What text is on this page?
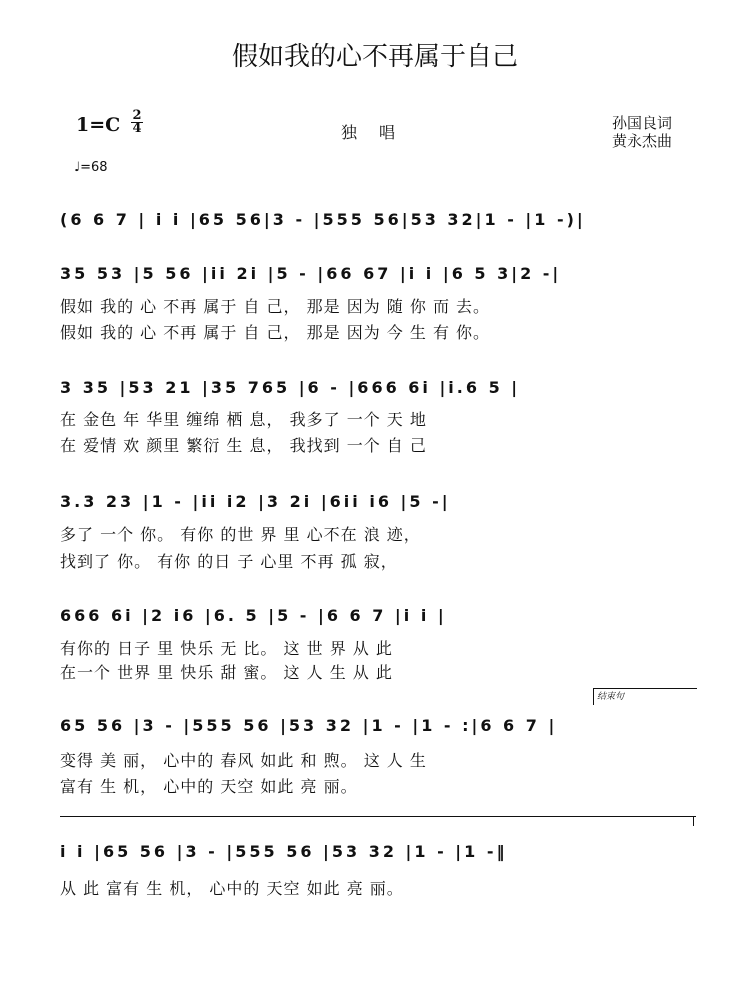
假如我的心不再属于自己
1=C 2
4	独唱	孙国良词
黄永杰曲
♩=68
(6 6 7 | i i |65 56|3 - |555 56|53 32|1 - |1 -)|
35 53 |5 56 |ii 2i |5 - |66 67 |i i |6 5 3|2 -|
假如 我的 心 不再 属于 自 己， 那是 因为 随 你 而 去。
假如 我的 心 不再 属于 自 己， 那是 因为 今 生 有 你。
3 35 |53 21 |35 765 |6 - |666 6i |i.6 5 |
在 金色 年 华里 缠绵 栖 息， 我多了 一个 天 地
在 爱情 欢 颜里 繁衍 生 息， 我找到 一个 自 己
3.3 23 |1 - |ii i2 |3 2i |6ii i6 |5 -|
多了 一个 你。 有你 的世 界 里 心不在 浪 迹，
找到了 你。 有你 的日 子 心里 不再 孤 寂，
666 6i |2 i6 |6. 5 |5 - |6 6 7 |i i |
有你的 日子 里 快乐 无 比。 这 世 界 从 此
在一个 世界 里 快乐 甜 蜜。 这 人 生 从 此
结束句
65 56 |3 - |555 56 |53 32 |1 - |1 - :|6 6 7 |
变得 美 丽， 心中的 春风 如此 和 煦。 这 人 生
富有 生 机， 心中的 天空 如此 亮 丽。
i i |65 56 |3 - |555 56 |53 32 |1 - |1 -‖
从 此 富有 生 机， 心中的 天空 如此 亮 丽。
